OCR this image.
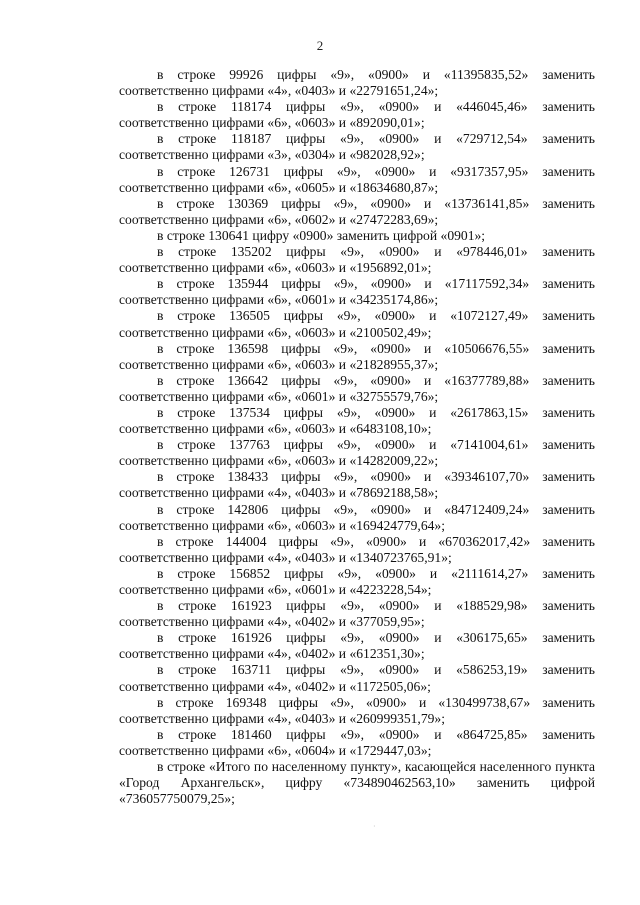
2
в строке 99926 цифры «9», «0900» и «11395835,52» заменить
соответственно цифрами «4», «0403» и «22791651,24»;
в строке 118174 цифры «9», «0900» и «446045,46» заменить
соответственно цифрами «6», «0603» и «892090,01»;
в строке 118187 цифры «9», «0900» и «729712,54» заменить
соответственно цифрами «3», «0304» и «982028,92»;
в строке 126731 цифры «9», «0900» и «9317357,95» заменить
соответственно цифрами «6», «0605» и «18634680,87»;
в строке 130369 цифры «9», «0900» и «13736141,85» заменить
соответственно цифрами «6», «0602» и «27472283,69»;
в строке 130641 цифру «0900» заменить цифрой «0901»;
в строке 135202 цифры «9», «0900» и «978446,01» заменить
соответственно цифрами «6», «0603» и «1956892,01»;
в строке 135944 цифры «9», «0900» и «17117592,34» заменить
соответственно цифрами «6», «0601» и «34235174,86»;
в строке 136505 цифры «9», «0900» и «1072127,49» заменить
соответственно цифрами «6», «0603» и «2100502,49»;
в строке 136598 цифры «9», «0900» и «10506676,55» заменить
соответственно цифрами «6», «0603» и «21828955,37»;
в строке 136642 цифры «9», «0900» и «16377789,88» заменить
соответственно цифрами «6», «0601» и «32755579,76»;
в строке 137534 цифры «9», «0900» и «2617863,15» заменить
соответственно цифрами «6», «0603» и «6483108,10»;
в строке 137763 цифры «9», «0900» и «7141004,61» заменить
соответственно цифрами «6», «0603» и «14282009,22»;
в строке 138433 цифры «9», «0900» и «39346107,70» заменить
соответственно цифрами «4», «0403» и «78692188,58»;
в строке 142806 цифры «9», «0900» и «84712409,24» заменить
соответственно цифрами «6», «0603» и «169424779,64»;
в строке 144004 цифры «9», «0900» и «670362017,42» заменить
соответственно цифрами «4», «0403» и «1340723765,91»;
в строке 156852 цифры «9», «0900» и «2111614,27» заменить
соответственно цифрами «6», «0601» и «4223228,54»;
в строке 161923 цифры «9», «0900» и «188529,98» заменить
соответственно цифрами «4», «0402» и «377059,95»;
в строке 161926 цифры «9», «0900» и «306175,65» заменить
соответственно цифрами «4», «0402» и «612351,30»;
в строке 163711 цифры «9», «0900» и «586253,19» заменить
соответственно цифрами «4», «0402» и «1172505,06»;
в строке 169348 цифры «9», «0900» и «130499738,67» заменить
соответственно цифрами «4», «0403» и «260999351,79»;
в строке 181460 цифры «9», «0900» и «864725,85» заменить
соответственно цифрами «6», «0604» и «1729447,03»;
в строке «Итого по населенному пункту», касающейся населенного пункта «Город Архангельск», цифру «734890462563,10» заменить цифрой «736057750079,25»;
·
